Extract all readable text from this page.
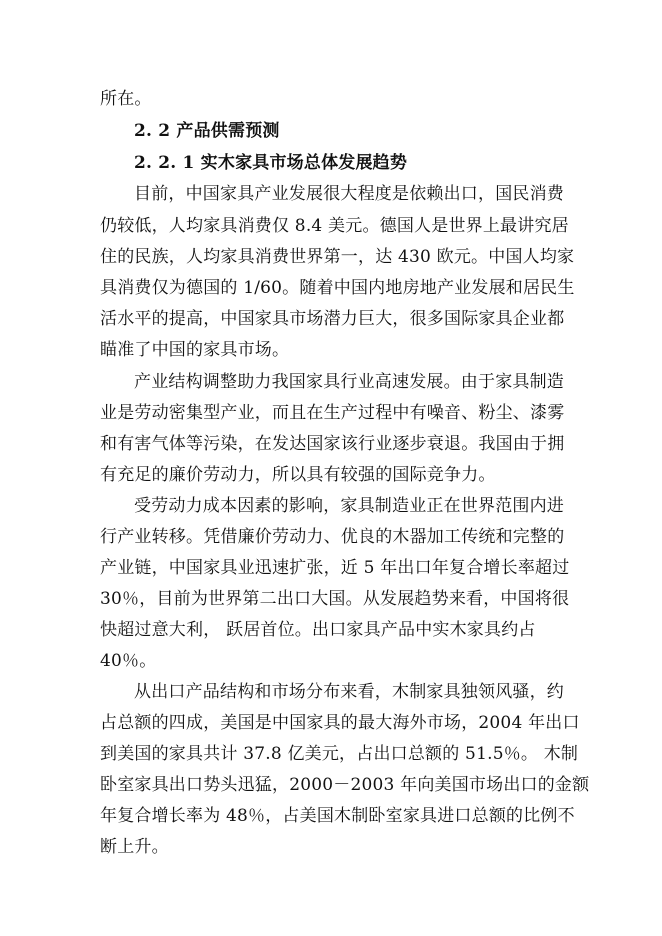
所在。
2. 2 产品供需预测
2. 2. 1 实木家具市场总体发展趋势
目前，中国家具产业发展很大程度是依赖出口，国民消费
仍较低，人均家具消费仅 8.4 美元。德国人是世界上最讲究居
住的民族，人均家具消费世界第一，达 430 欧元。中国人均家
具消费仅为德国的 1/60。随着中国内地房地产业发展和居民生
活水平的提高，中国家具市场潜力巨大，很多国际家具企业都
瞄准了中国的家具市场。
产业结构调整助力我国家具行业高速发展。由于家具制造
业是劳动密集型产业，而且在生产过程中有噪音、粉尘、漆雾
和有害气体等污染，在发达国家该行业逐步衰退。我国由于拥
有充足的廉价劳动力，所以具有较强的国际竞争力。
受劳动力成本因素的影响，家具制造业正在世界范围内进
行产业转移。凭借廉价劳动力、优良的木器加工传统和完整的
产业链，中国家具业迅速扩张，近 5 年出口年复合增长率超过
30％，目前为世界第二出口大国。从发展趋势来看，中国将很
快超过意大利， 跃居首位。出口家具产品中实木家具约占
40％。
从出口产品结构和市场分布来看，木制家具独领风骚，约
占总额的四成，美国是中国家具的最大海外市场，2004 年出口
到美国的家具共计 37.8 亿美元，占出口总额的 51.5％。 木制
卧室家具出口势头迅猛，2000－2003 年向美国市场出口的金额
年复合增长率为 48％，占美国木制卧室家具进口总额的比例不
断上升。
